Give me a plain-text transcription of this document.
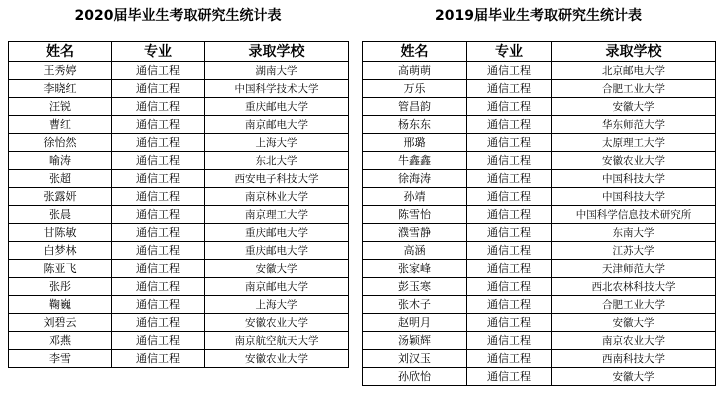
2020届毕业生考取研究生统计表	2019届毕业生考取研究生统计表
姓名	专业	录取学校
王秀婷	通信工程	湖南大学
李晓红	通信工程	中国科学技术大学
汪锐	通信工程	重庆邮电大学
曹红	通信工程	南京邮电大学
徐怡然	通信工程	上海大学
喻涛	通信工程	东北大学
张超	通信工程	西安电子科技大学
张露妍	通信工程	南京林业大学
张晨	通信工程	南京理工大学
甘陈敏	通信工程	重庆邮电大学
白梦林	通信工程	重庆邮电大学
陈亚飞	通信工程	安徽大学
张彤	通信工程	南京邮电大学
鞠巍	通信工程	上海大学
刘碧云	通信工程	安徽农业大学
邓燕	通信工程	南京航空航天大学
李雪	通信工程	安徽农业大学
姓名	专业	录取学校
高萌萌	通信工程	北京邮电大学
万乐	通信工程	合肥工业大学
管昌韵	通信工程	安徽大学
杨东东	通信工程	华东师范大学
邢璐	通信工程	太原理工大学
牛鑫鑫	通信工程	安徽农业大学
徐海涛	通信工程	中国科技大学
孙靖	通信工程	中国科技大学
陈雪怡	通信工程	中国科学信息技术研究所
濮雪静	通信工程	东南大学
高涵	通信工程	江苏大学
张家峰	通信工程	天津师范大学
彭玉寒	通信工程	西北农林科技大学
张木子	通信工程	合肥工业大学
赵明月	通信工程	安徽大学
汤颖辉	通信工程	南京农业大学
刘汉玉	通信工程	西南科技大学
孙欣怡	通信工程	安徽大学
